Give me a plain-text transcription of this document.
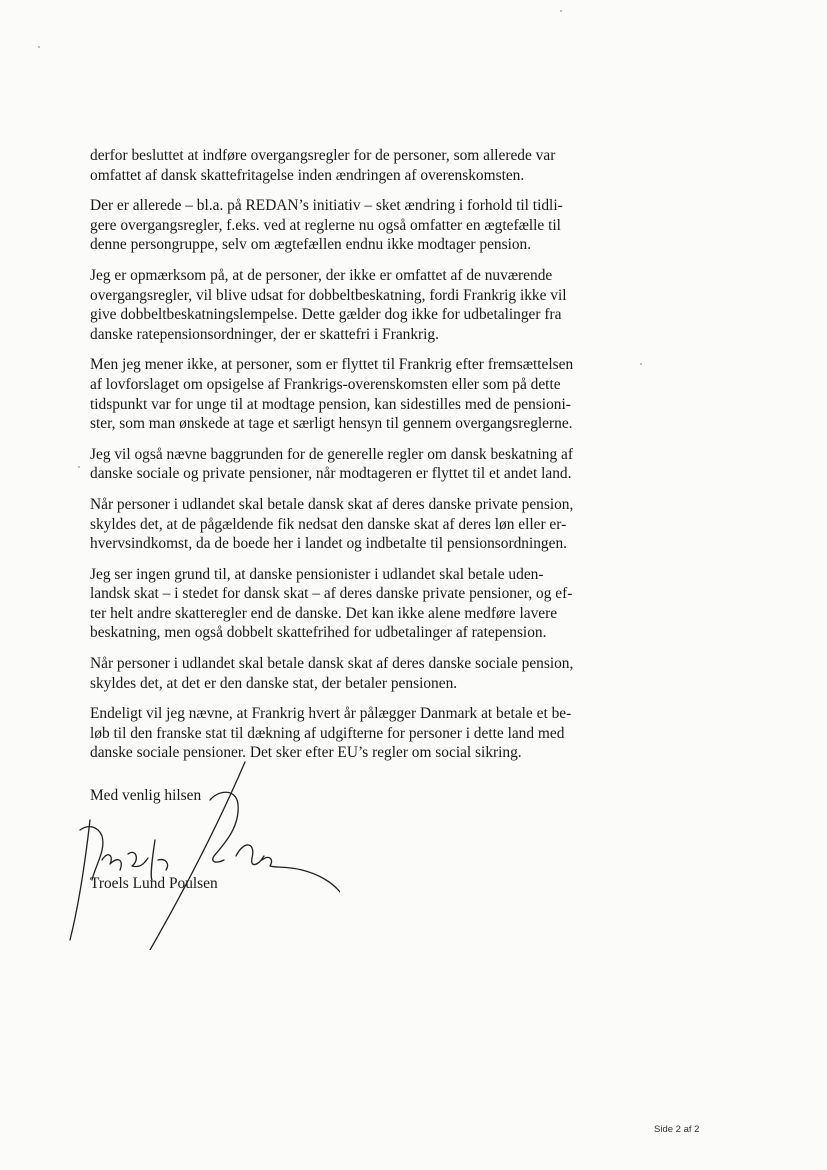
derfor besluttet at indføre overgangsregler for de personer, som allerede var
omfattet af dansk skattefritagelse inden ændringen af overenskomsten.

Der er allerede – bl.a. på REDAN’s initiativ – sket ændring i forhold til tidli-
gere overgangsregler, f.eks. ved at reglerne nu også omfatter en ægtefælle til
denne persongruppe, selv om ægtefællen endnu ikke modtager pension.

Jeg er opmærksom på, at de personer, der ikke er omfattet af de nuværende
overgangsregler, vil blive udsat for dobbeltbeskatning, fordi Frankrig ikke vil
give dobbeltbeskatningslempelse. Dette gælder dog ikke for udbetalinger fra
danske ratepensionsordninger, der er skattefri i Frankrig.

Men jeg mener ikke, at personer, som er flyttet til Frankrig efter fremsættelsen
af lovforslaget om opsigelse af Frankrigs-overenskomsten eller som på dette
tidspunkt var for unge til at modtage pension, kan sidestilles med de pensioni-
ster, som man ønskede at tage et særligt hensyn til gennem overgangsreglerne.

Jeg vil også nævne baggrunden for de generelle regler om dansk beskatning af
danske sociale og private pensioner, når modtageren er flyttet til et andet land.

Når personer i udlandet skal betale dansk skat af deres danske private pension,
skyldes det, at de pågældende fik nedsat den danske skat af deres løn eller er-
hvervsindkomst, da de boede her i landet og indbetalte til pensionsordningen.

Jeg ser ingen grund til, at danske pensionister i udlandet skal betale uden-
landsk skat – i stedet for dansk skat – af deres danske private pensioner, og ef-
ter helt andre skatteregler end de danske. Det kan ikke alene medføre lavere
beskatning, men også dobbelt skattefrihed for udbetalinger af ratepension.

Når personer i udlandet skal betale dansk skat af deres danske sociale pension,
skyldes det, at det er den danske stat, der betaler pensionen.

Endeligt vil jeg nævne, at Frankrig hvert år pålægger Danmark at betale et be-
løb til den franske stat til dækning af udgifterne for personer i dette land med
danske sociale pensioner. Det sker efter EU’s regler om social sikring.

Med venlig hilsen
Troels Lund Poulsen
Side 2 af 2
